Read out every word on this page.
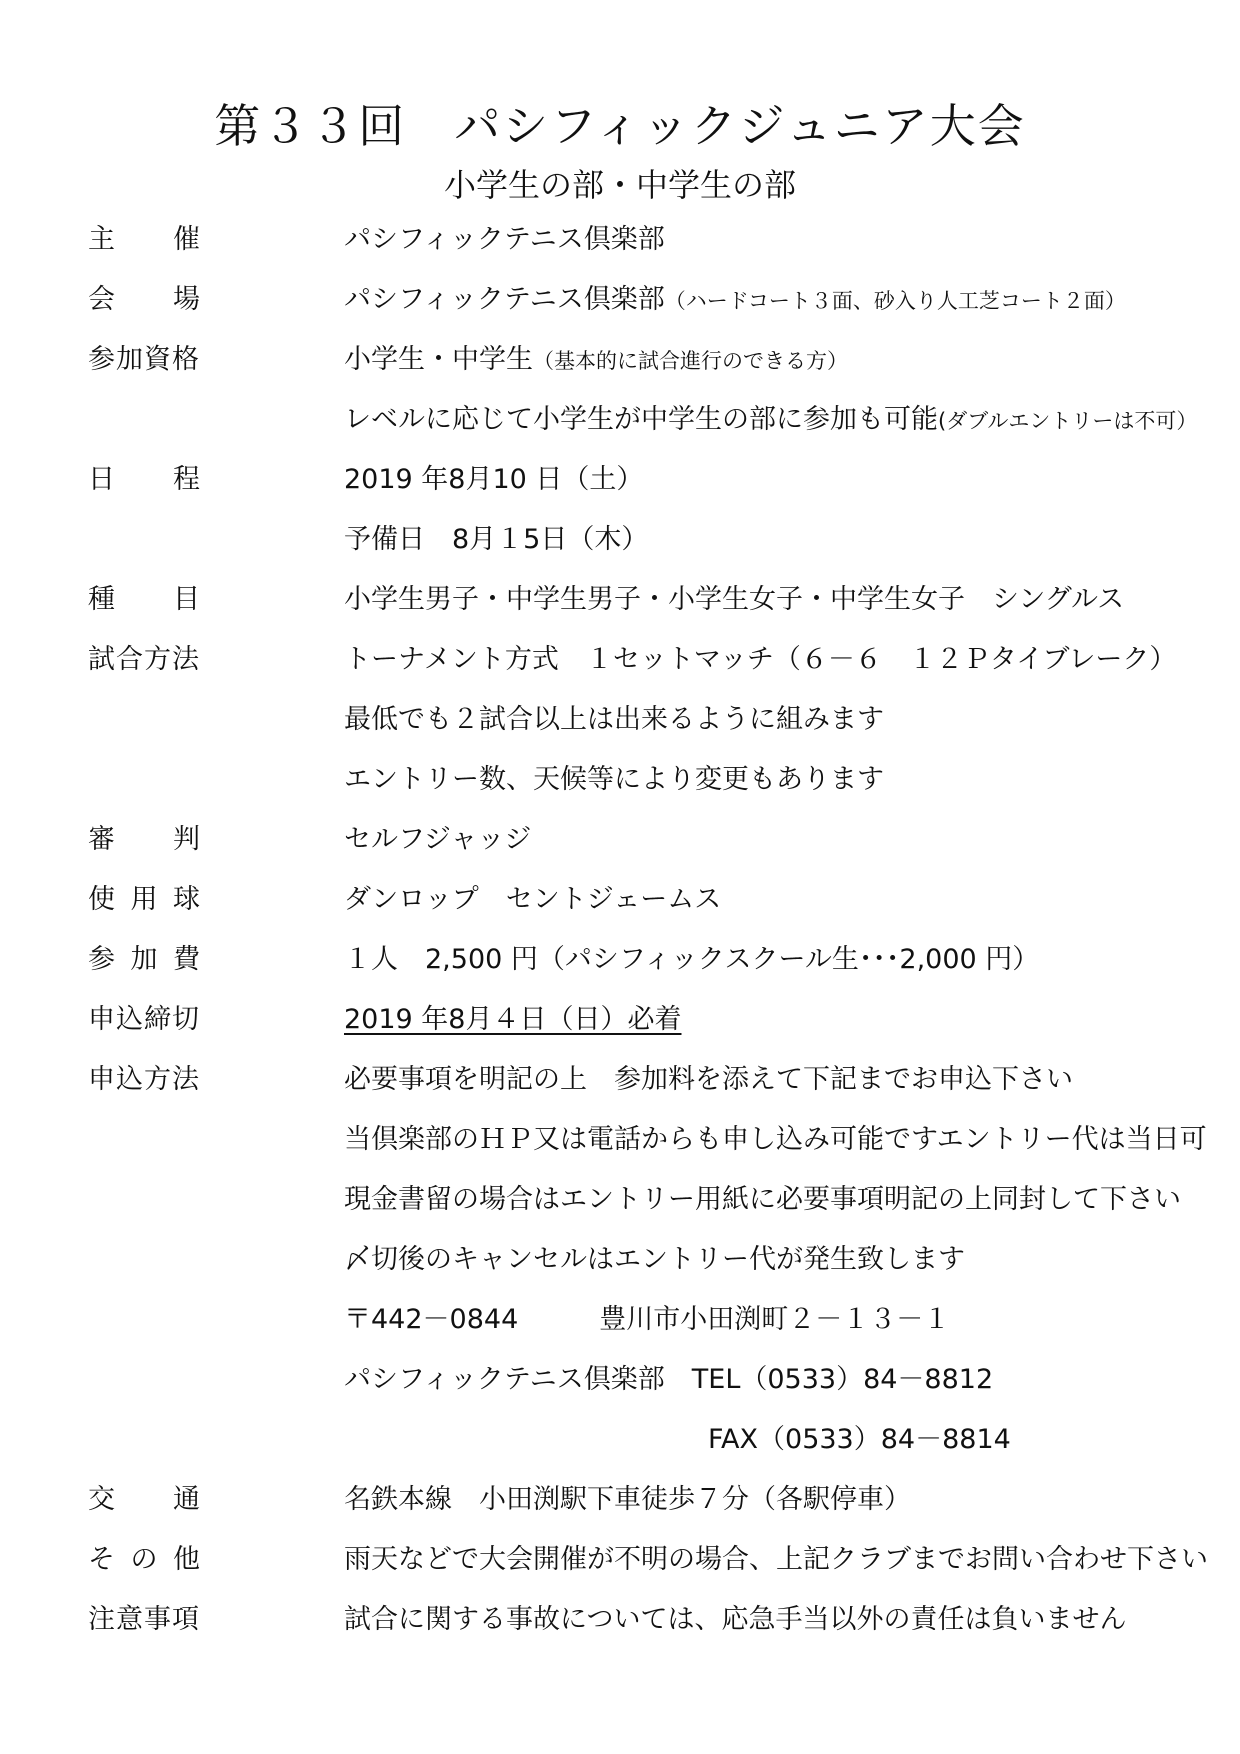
第３３回　パシフィックジュニア大会
小学生の部・中学生の部
主 催	パシフィックテニス倶楽部
会 場	パシフィックテニス倶楽部（ハードコート３面、砂入り人工芝コート２面）
参加資格	小学生・中学生（基本的に試合進行のできる方）
レベルに応じて小学生が中学生の部に参加も可能(ダブルエントリーは不可）
日 程	2019 年8月10 日（土）
予備日　8月１5日（木）
種 目	小学生男子・中学生男子・小学生女子・中学生女子　シングルス
試合方法	トーナメント方式　１セットマッチ（６－６　１２Ｐタイブレーク）
最低でも２試合以上は出来るように組みます
エントリー数、天候等により変更もあります
審 判	セルフジャッジ
使 用 球	ダンロップ　セントジェームス
参 加 費	１人　2,500 円（パシフィックスクール生･･･2,000 円）
申込締切	2019 年8月４日（日）必着
申込方法	必要事項を明記の上　参加料を添えて下記までお申込下さい
当倶楽部のＨＰ又は電話からも申し込み可能ですエントリー代は当日可
現金書留の場合はエントリー用紙に必要事項明記の上同封して下さい
〆切後のキャンセルはエントリー代が発生致します
〒442－0844   	豊川市小田渕町２－１３－１
パシフィックテニス倶楽部   TEL（0533）84－8812
FAX（0533）84－8814
交 通	名鉄本線　小田渕駅下車徒歩７分（各駅停車）
そ の 他	雨天などで大会開催が不明の場合、上記クラブまでお問い合わせ下さい
注意事項	試合に関する事故については、応急手当以外の責任は負いません
